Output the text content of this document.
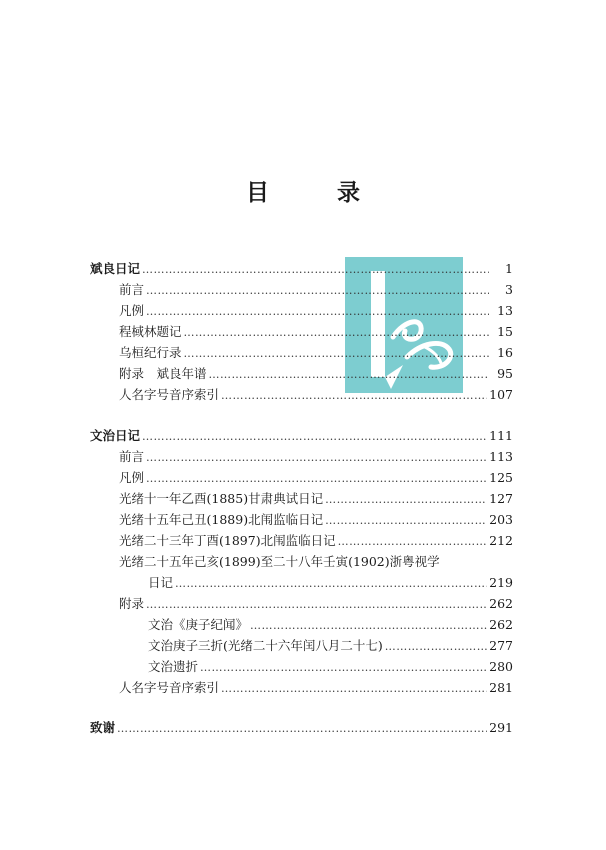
目 录
斌良日记 ……………………………………………………………………………………………………………………………………………………………………………………………………	1
前言 ……………………………………………………………………………………………………………………………………………………………………………………………………	3
凡例 ……………………………………………………………………………………………………………………………………………………………………………………………………	13
程棫林题记 ……………………………………………………………………………………………………………………………………………………………………………………………………	15
乌桓纪行录 ……………………………………………………………………………………………………………………………………………………………………………………………………	16
附录　斌良年谱 ……………………………………………………………………………………………………………………………………………………………………………………………………	95
人名字号音序索引 ……………………………………………………………………………………………………………………………………………………………………………………………………	107
文治日记 ……………………………………………………………………………………………………………………………………………………………………………………………………	111
前言 ……………………………………………………………………………………………………………………………………………………………………………………………………	113
凡例 ……………………………………………………………………………………………………………………………………………………………………………………………………	125
光绪十一年乙酉(1885)甘肃典试日记 ……………………………………………………………………………………………………………………………………………………………………………………………………	127
光绪十五年己丑(1889)北闱监临日记 ……………………………………………………………………………………………………………………………………………………………………………………………………	203
光绪二十三年丁酉(1897)北闱监临日记 ……………………………………………………………………………………………………………………………………………………………………………………………………	212
光绪二十五年己亥(1899)至二十八年壬寅(1902)浙粤视学
日记 ……………………………………………………………………………………………………………………………………………………………………………………………………	219
附录 ……………………………………………………………………………………………………………………………………………………………………………………………………	262
文治《庚子纪闻》 ……………………………………………………………………………………………………………………………………………………………………………………………………	262
文治庚子三折(光绪二十六年闰八月二十七) ……………………………………………………………………………………………………………………………………………………………………………………………………	277
文治遗折 ……………………………………………………………………………………………………………………………………………………………………………………………………	280
人名字号音序索引 ……………………………………………………………………………………………………………………………………………………………………………………………………	281
致谢 ……………………………………………………………………………………………………………………………………………………………………………………………………	291
